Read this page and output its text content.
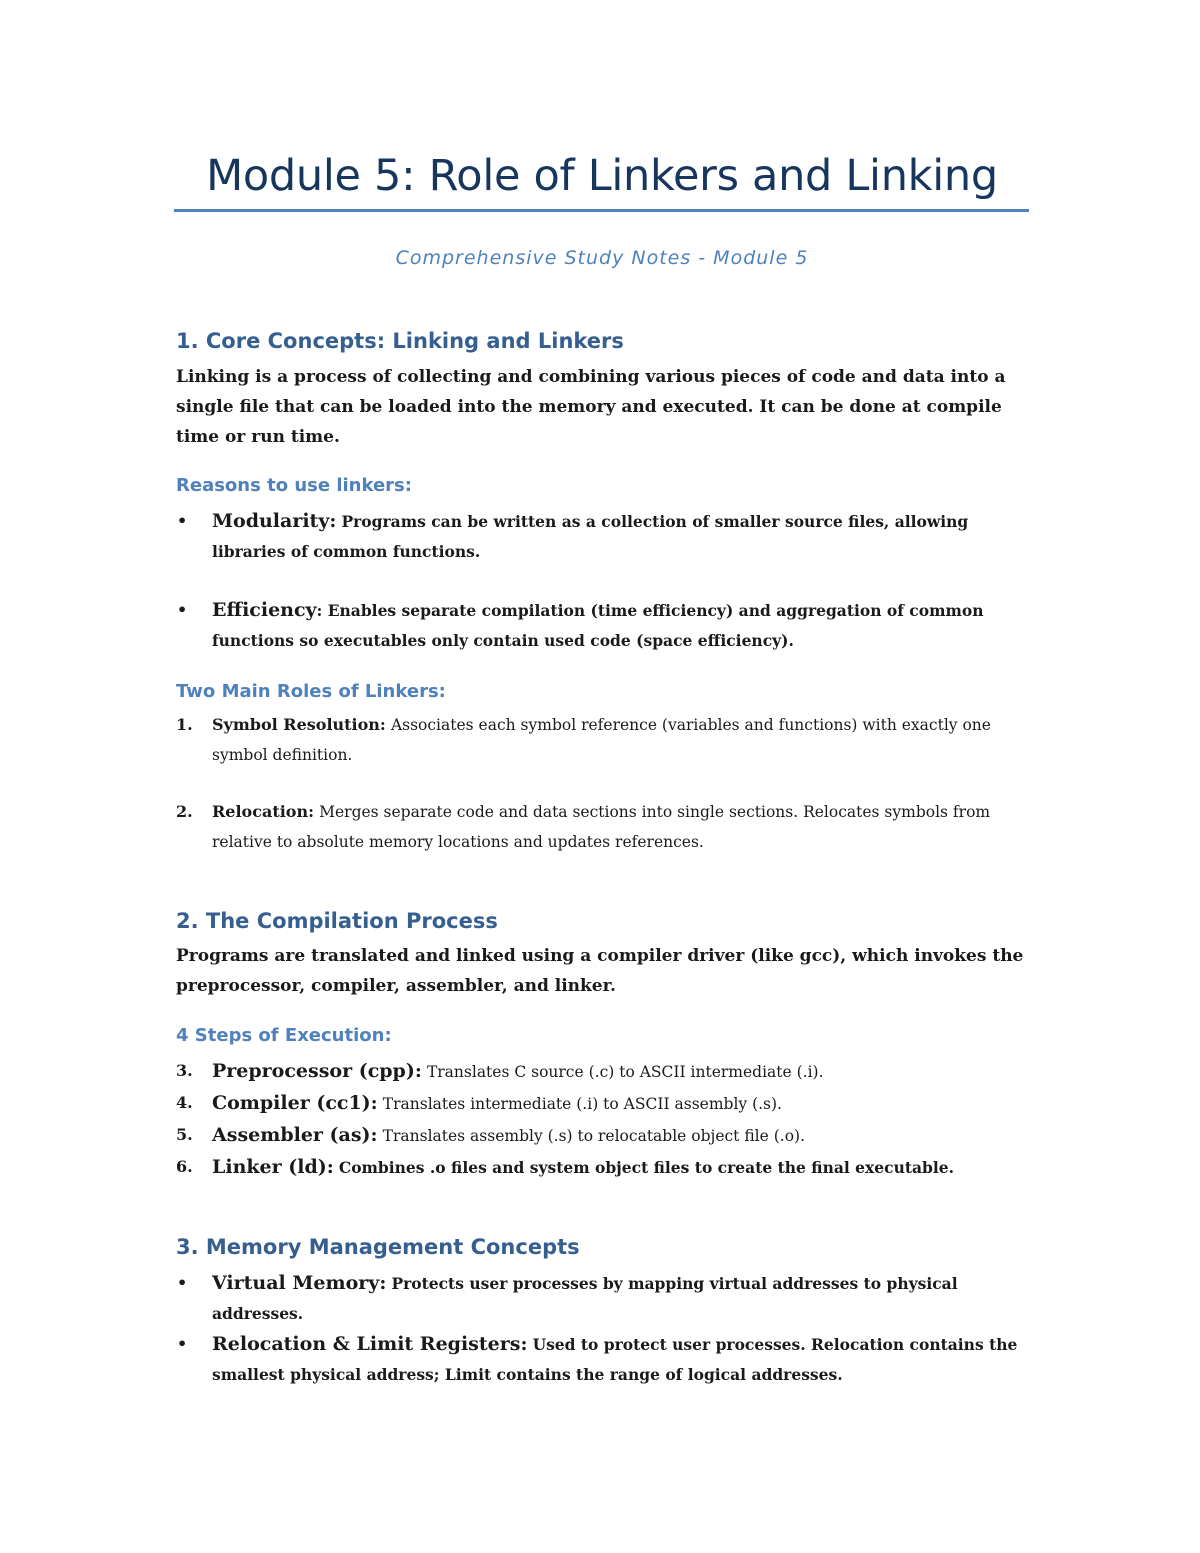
Module 5: Role of Linkers and Linking

Comprehensive Study Notes - Module 5

1. Core Concepts: Linking and Linkers

Linking is a process of collecting and combining various pieces of code and data into a single file that can be loaded into the memory and executed. It can be done at compile time or run time.

Reasons to use linkers:
•	Modularity: Programs can be written as a collection of smaller source files, allowing libraries of common functions.
•	Efficiency: Enables separate compilation (time efficiency) and aggregation of common functions so executables only contain used code (space efficiency).
Two Main Roles of Linkers:
1.	Symbol Resolution: Associates each symbol reference (variables and functions) with exactly one symbol definition.
2.	Relocation: Merges separate code and data sections into single sections. Relocates symbols from relative to absolute memory locations and updates references.
2. The Compilation Process

Programs are translated and linked using a compiler driver (like gcc), which invokes the preprocessor, compiler, assembler, and linker.

4 Steps of Execution:
3.	Preprocessor (cpp): Translates C source (.c) to ASCII intermediate (.i).
4.	Compiler (cc1): Translates intermediate (.i) to ASCII assembly (.s).
5.	Assembler (as): Translates assembly (.s) to relocatable object file (.o).
6.	Linker (ld): Combines .o files and system object files to create the final executable.
3. Memory Management Concepts
•	Virtual Memory: Protects user processes by mapping virtual addresses to physical addresses.
•	Relocation & Limit Registers: Used to protect user processes. Relocation contains the smallest physical address; Limit contains the range of logical addresses.
